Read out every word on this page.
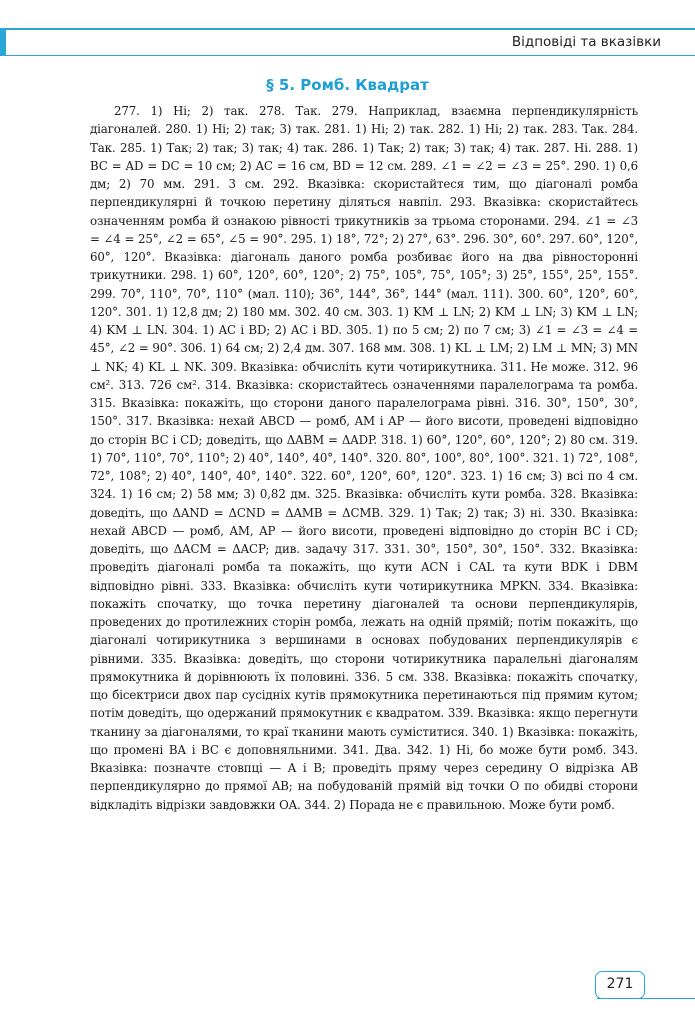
Відповіді та вказівки
§ 5. Ромб. Квадрат

277. 1) Ні; 2) так. 278. Так. 279. Наприклад, взаємна перпендикулярність діагоналей. 280. 1) Ні; 2) так; 3) так. 281. 1) Ні; 2) так. 282. 1) Ні; 2) так. 283. Так. 284. Так. 285. 1) Так; 2) так; 3) так; 4) так. 286. 1) Так; 2) так; 3) так; 4) так. 287. Ні. 288. 1) BC = AD = DC = 10 см; 2) AC = 16 см, BD = 12 см. 289. ∠1 = ∠2 = ∠3 = 25°. 290. 1) 0,6 дм; 2) 70 мм. 291. 3 см. 292. Вказівка: скористайтеся тим, що діагоналі ромба перпендикулярні й точкою перетину діляться навпіл. 293. Вказівка: скористайтесь означенням ромба й ознакою рівності трикутників за трьома сторонами. 294. ∠1 = ∠3 = ∠4 = 25°, ∠2 = 65°, ∠5 = 90°. 295. 1) 18°, 72°; 2) 27°, 63°. 296. 30°, 60°. 297. 60°, 120°, 60°, 120°. Вказівка: діагональ даного ромба розбиває його на два рівносторонні трикутники. 298. 1) 60°, 120°, 60°, 120°; 2) 75°, 105°, 75°, 105°; 3) 25°, 155°, 25°, 155°. 299. 70°, 110°, 70°, 110° (мал. 110); 36°, 144°, 36°, 144° (мал. 111). 300. 60°, 120°, 60°, 120°. 301. 1) 12,8 дм; 2) 180 мм. 302. 40 см. 303. 1) KM ⊥ LN; 2) KM ⊥ LN; 3) KM ⊥ LN; 4) KM ⊥ LN. 304. 1) AC і BD; 2) AC і BD. 305. 1) по 5 см; 2) по 7 см; 3) ∠1 = ∠3 = ∠4 = 45°, ∠2 = 90°. 306. 1) 64 см; 2) 2,4 дм. 307. 168 мм. 308. 1) KL ⊥ LM; 2) LM ⊥ MN; 3) MN ⊥ NK; 4) KL ⊥ NK. 309. Вказівка: обчисліть кути чотирикутника. 311. Не може. 312. 96 см². 313. 726 см². 314. Вказівка: скористайтесь означеннями паралелограма та ромба. 315. Вказівка: покажіть, що сторони даного паралелограма рівні. 316. 30°, 150°, 30°, 150°. 317. Вказівка: нехай ABCD — ромб, AM і AP — його висоти, проведені відповідно до сторін BC і CD; доведіть, що ΔABM = ΔADP. 318. 1) 60°, 120°, 60°, 120°; 2) 80 см. 319. 1) 70°, 110°, 70°, 110°; 2) 40°, 140°, 40°, 140°. 320. 80°, 100°, 80°, 100°. 321. 1) 72°, 108°, 72°, 108°; 2) 40°, 140°, 40°, 140°. 322. 60°, 120°, 60°, 120°. 323. 1) 16 см; 3) всі по 4 см. 324. 1) 16 см; 2) 58 мм; 3) 0,82 дм. 325. Вказівка: обчисліть кути ромба. 328. Вказівка: доведіть, що ΔAND = ΔCND = ΔAMB = ΔCMB. 329. 1) Так; 2) так; 3) ні. 330. Вказівка: нехай ABCD — ромб, AM, AP — його висоти, проведені відповідно до сторін BC і CD; доведіть, що ΔACM = ΔACP; див. задачу 317. 331. 30°, 150°, 30°, 150°. 332. Вказівка: проведіть діагоналі ромба та покажіть, що кути ACN і CAL та кути BDK і DBM відповідно рівні. 333. Вказівка: обчисліть кути чотирикутника MPKN. 334. Вказівка: покажіть спочатку, що точка перетину діагоналей та основи перпендикулярів, проведених до протилежних сторін ромба, лежать на одній прямій; потім покажіть, що діагоналі чотирикутника з вершинами в основах побудованих перпендикулярів є рівними. 335. Вказівка: доведіть, що сторони чотирикутника паралельні діагоналям прямокутника й дорівнюють їх половині. 336. 5 см. 338. Вказівка: покажіть спочатку, що бісектриси двох пар сусідніх кутів прямокутника перетинаються під прямим кутом; потім доведіть, що одержаний прямокутник є квадратом. 339. Вказівка: якщо перегнути тканину за діагоналями, то краї тканини мають суміститися. 340. 1) Вказівка: покажіть, що промені BA і BC є доповняльними. 341. Два. 342. 1) Ні, бо може бути ромб. 343. Вказівка: позначте стовпці — A і B; проведіть пряму через середину O відрізка AB перпендикулярно до прямої AB; на побудованій прямій від точки O по обидві сторони відкладіть відрізки завдовжки OA. 344. 2) Порада не є правильною. Може бути ромб.

271
